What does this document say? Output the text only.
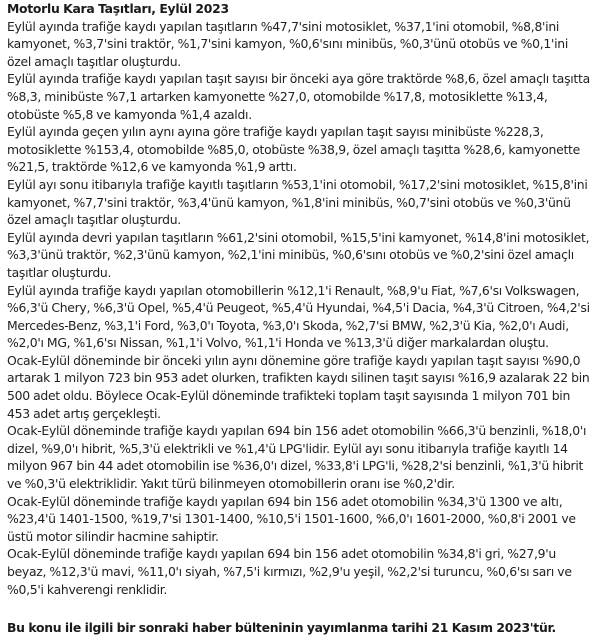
Motorlu Kara Taşıtları, Eylül 2023

Eylül ayında trafiğe kaydı yapılan taşıtların %47,7'sini motosiklet, %37,1'ini otomobil, %8,8'ini kamyonet, %3,7'sini traktör, %1,7'sini kamyon, %0,6'sını minibüs, %0,3'ünü otobüs ve %0,1'ini özel amaçlı taşıtlar oluşturdu.

Eylül ayında trafiğe kaydı yapılan taşıt sayısı bir önceki aya göre traktörde %8,6, özel amaçlı taşıtta %8,3, minibüste %7,1 artarken kamyonette %27,0, otomobilde %17,8, motosiklette %13,4, otobüste %5,8 ve kamyonda %1,4 azaldı.

Eylül ayında geçen yılın aynı ayına göre trafiğe kaydı yapılan taşıt sayısı minibüste %228,3, motosiklette %153,4, otomobilde %85,0, otobüste %38,9, özel amaçlı taşıtta %28,6, kamyonette %21,5, traktörde %12,6 ve kamyonda %1,9 arttı.

Eylül ayı sonu itibarıyla trafiğe kayıtlı taşıtların %53,1'ini otomobil, %17,2'sini motosiklet, %15,8'ini kamyonet, %7,7'sini traktör, %3,4'ünü kamyon, %1,8'ini minibüs, %0,7'sini otobüs ve %0,3'ünü özel amaçlı taşıtlar oluşturdu.

Eylül ayında devri yapılan taşıtların %61,2'sini otomobil, %15,5'ini kamyonet, %14,8'ini motosiklet, %3,3'ünü traktör, %2,3'ünü kamyon, %2,1'ini minibüs, %0,6'sını otobüs ve %0,2'sini özel amaçlı taşıtlar oluşturdu.

Eylül ayında trafiğe kaydı yapılan otomobillerin %12,1'i Renault, %8,9'u Fiat, %7,6'sı Volkswagen, %6,3'ü Chery, %6,3'ü Opel, %5,4'ü Peugeot, %5,4'ü Hyundai, %4,5'i Dacia, %4,3'ü Citroen, %4,2'si Mercedes-Benz, %3,1'i Ford, %3,0'ı Toyota, %3,0'ı Skoda, %2,7'si BMW, %2,3'ü Kia, %2,0'ı Audi, %2,0'ı MG, %1,6'sı Nissan, %1,1'i Volvo, %1,1'i Honda ve %13,3'ü diğer markalardan oluştu.

Ocak-Eylül döneminde bir önceki yılın aynı dönemine göre trafiğe kaydı yapılan taşıt sayısı %90,0 artarak 1 milyon 723 bin 953 adet olurken, trafikten kaydı silinen taşıt sayısı %16,9 azalarak 22 bin 500 adet oldu. Böylece Ocak-Eylül döneminde trafikteki toplam taşıt sayısında 1 milyon 701 bin 453 adet artış gerçekleşti.

Ocak-Eylül döneminde trafiğe kaydı yapılan 694 bin 156 adet otomobilin %66,3'ü benzinli, %18,0'ı dizel, %9,0'ı hibrit, %5,3'ü elektrikli ve %1,4'ü LPG'lidir. Eylül ayı sonu itibarıyla trafiğe kayıtlı 14 milyon 967 bin 44 adet otomobilin ise %36,0'ı dizel, %33,8'i LPG'li, %28,2'si benzinli, %1,3'ü hibrit ve %0,3'ü elektriklidir. Yakıt türü bilinmeyen otomobillerin oranı ise %0,2'dir.

Ocak-Eylül döneminde trafiğe kaydı yapılan 694 bin 156 adet otomobilin %34,3'ü 1300 ve altı, %23,4'ü 1401-1500, %19,7'si 1301-1400, %10,5'i 1501-1600, %6,0'ı 1601-2000, %0,8'i 2001 ve üstü motor silindir hacmine sahiptir.

Ocak-Eylül döneminde trafiğe kaydı yapılan 694 bin 156 adet otomobilin %34,8'i gri, %27,9'u beyaz, %12,3'ü mavi, %11,0'ı siyah, %7,5'i kırmızı, %2,9'u yeşil, %2,2'si turuncu, %0,6'sı sarı ve %0,5'i kahverengi renklidir.

Bu konu ile ilgili bir sonraki haber bülteninin yayımlanma tarihi 21 Kasım 2023'tür.
